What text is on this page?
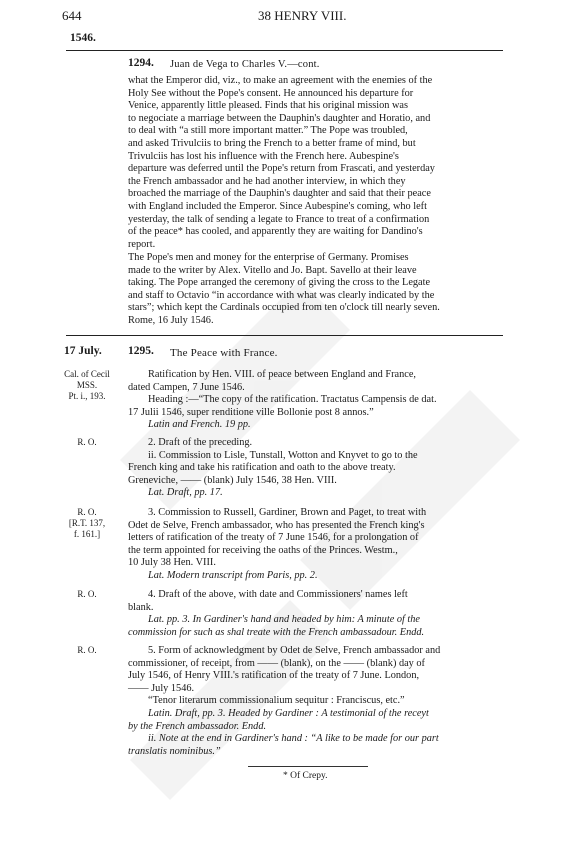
644	38 HENRY VIII.
1546.
1294. Juan de Vega to Charles V.—cont.
what the Emperor did, viz., to make an agreement with the enemies of the
Holy See without the Pope's consent. He announced his departure for
Venice, apparently little pleased. Finds that his original mission was
to negociate a marriage between the Dauphin's daughter and Horatio, and
to deal with “a still more important matter.” The Pope was troubled,
and asked Trivulciis to bring the French to a better frame of mind, but
Trivulciis has lost his influence with the French here. Aubespine's
departure was deferred until the Pope's return from Frascati, and yesterday
the French ambassador and he had another interview, in which they
broached the marriage of the Dauphin's daughter and said that their peace
with England included the Emperor. Since Aubespine's coming, who left
yesterday, the talk of sending a legate to France to treat of a confirmation
of the peace* has cooled, and apparently they are waiting for Dandino's
report.
The Pope's men and money for the enterprise of Germany. Promises
made to the writer by Alex. Vitello and Jo. Bapt. Savello at their leave
taking. The Pope arranged the ceremony of giving the cross to the Legate
and staff to Octavio “in accordance with what was clearly indicated by the
stars”; which kept the Cardinals occupied from ten o'clock till nearly seven.
Rome, 16 July 1546.
17 July. 1295. The Peace with France.
Cal. of Cecil
MSS.
Pt. i., 193.
Ratification by Hen. VIII. of peace between England and France,
dated Campen, 7 June 1546.
Heading :—“The copy of the ratification. Tractatus Campensis de dat.
17 Julii 1546, super renditione ville Bollonie post 8 annos.”
Latin and French. 19 pp.
R. O.	2. Draft of the preceding.
ii. Commission to Lisle, Tunstall, Wotton and Knyvet to go to the
French king and take his ratification and oath to the above treaty.
Greneviche, —— (blank) July 1546, 38 Hen. VIII.
Lat. Draft, pp. 17.
R. O.
[R.T. 137,
f. 161.]
3. Commission to Russell, Gardiner, Brown and Paget, to treat with
Odet de Selve, French ambassador, who has presented the French king's
letters of ratification of the treaty of 7 June 1546, for a prolongation of
the term appointed for receiving the oaths of the Princes. Westm.,
10 July 38 Hen. VIII.
Lat. Modern transcript from Paris, pp. 2.
R. O.	4. Draft of the above, with date and Commissioners' names left
blank.
Lat. pp. 3. In Gardiner's hand and headed by him: A minute of the
commission for such as shal treate with the French ambassadour. Endd.
R. O.	5. Form of acknowledgment by Odet de Selve, French ambassador and
commissioner, of receipt, from —— (blank), on the —— (blank) day of
July 1546, of Henry VIII.'s ratification of the treaty of 7 June. London,
—— July 1546.
“Tenor literarum commissionalium sequitur : Franciscus, etc.”
Latin. Draft, pp. 3. Headed by Gardiner : A testimonial of the receyt
by the French ambassador. Endd.
ii. Note at the end in Gardiner's hand : “A like to be made for our part
translatis nominibus.”
* Of Crepy.
